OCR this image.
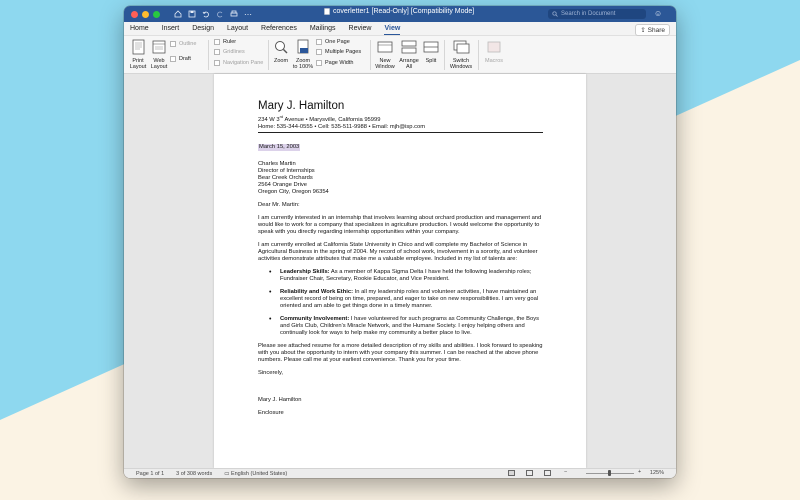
⋯	coverletter1 [Read-Only] [Compatibility Mode]	Search in Document	☺
Home Insert Design Layout References Mailings Review View	⇪ Share
Print
Layout
Web
Layout
Outline
Draft
Ruler
Gridlines
Navigation Pane	Zoom	Zoom
to 100%
One Page
Multiple Pages
Page Width	New
Window
Arrange
All
Split	Switch
Windows
Macros
Mary J. Hamilton
234 W 3rd Avenue • Marysville, California 95999
Home: 535-344-0555 • Cell: 535-511-9988 • Email: mjh@isp.com
March 15, 2003
Charles Martin
Director of Internships
Bear Creek Orchards
2564 Orange Drive
Oregon City, Oregon 96354
Dear Mr. Martin:
I am currently interested in an internship that involves learning about orchard production and management and would like to work for a company that specializes in agriculture production. I would welcome the opportunity to speak with you directly regarding internship opportunities within your company.
I am currently enrolled at California State University in Chico and will complete my Bachelor of Science in Agricultural Business in the spring of 2004. My record of school work, involvement in a sorority, and volunteer activities demonstrate attributes that make me a valuable employee. Included in my list of talents are:
• Leadership Skills: As a member of Kappa Sigma Delta I have held the following leadership roles; Fundraiser Chair, Secretary, Rookie Educator, and Vice President.
• Reliability and Work Ethic: In all my leadership roles and volunteer activities, I have maintained an excellent record of being on time, prepared, and eager to take on new responsibilities. I am very goal oriented and am able to get things done in a timely manner.
• Community Involvement: I have volunteered for such programs as Community Challenge, the Boys and Girls Club, Children’s Miracle Network, and the Humane Society. I enjoy helping others and continually look for ways to help make my community a better place to live.
Please see attached resume for a more detailed description of my skills and abilities. I look forward to speaking with you about the opportunity to intern with your company this summer. I can be reached at the above phone numbers. Please call me at your earliest convenience. Thank you for your time.
Sincerely,
Mary J. Hamilton
Enclosure
Page 1 of 1 3 of 308 words ▭ English (United States)	−	+ 125%
